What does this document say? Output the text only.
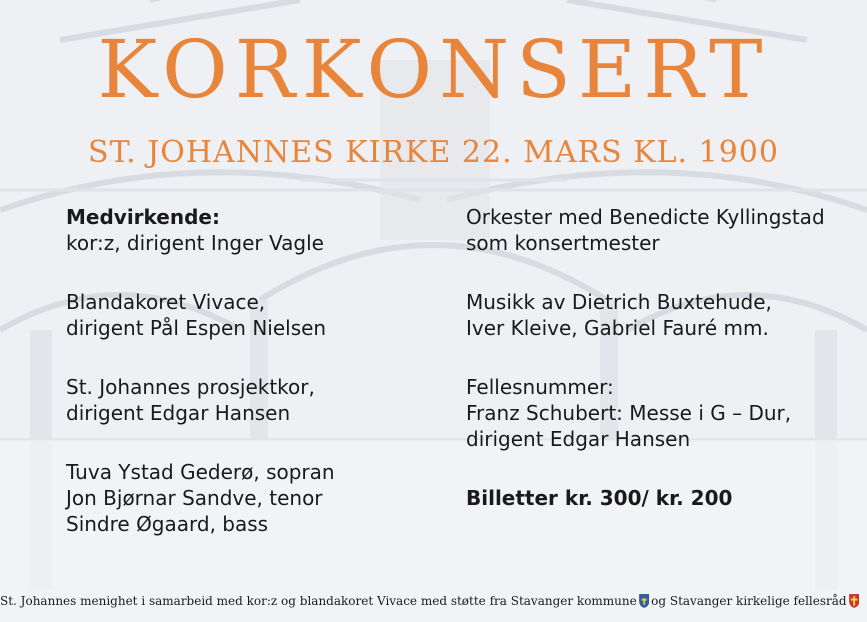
KORKONSERT
ST. JOHANNES KIRKE 22. MARS KL. 1900
Medvirkende:
kor:z, dirigent Inger Vagle
Blandakoret Vivace,
dirigent Pål Espen Nielsen
St. Johannes prosjektkor,
dirigent Edgar Hansen
Tuva Ystad Gederø, sopran
Jon Bjørnar Sandve, tenor
Sindre Øgaard, bass
Orkester med Benedicte Kyllingstad
som konsertmester
Musikk av Dietrich Buxtehude,
Iver Kleive, Gabriel Fauré mm.
Fellesnummer:
Franz Schubert: Messe i G – Dur,
dirigent Edgar Hansen
Billetter kr. 300/ kr. 200
St. Johannes menighet i samarbeid med kor:z og blandakoret Vivace med støtte fra Stavanger kommune og Stavanger kirkelige fellesråd
